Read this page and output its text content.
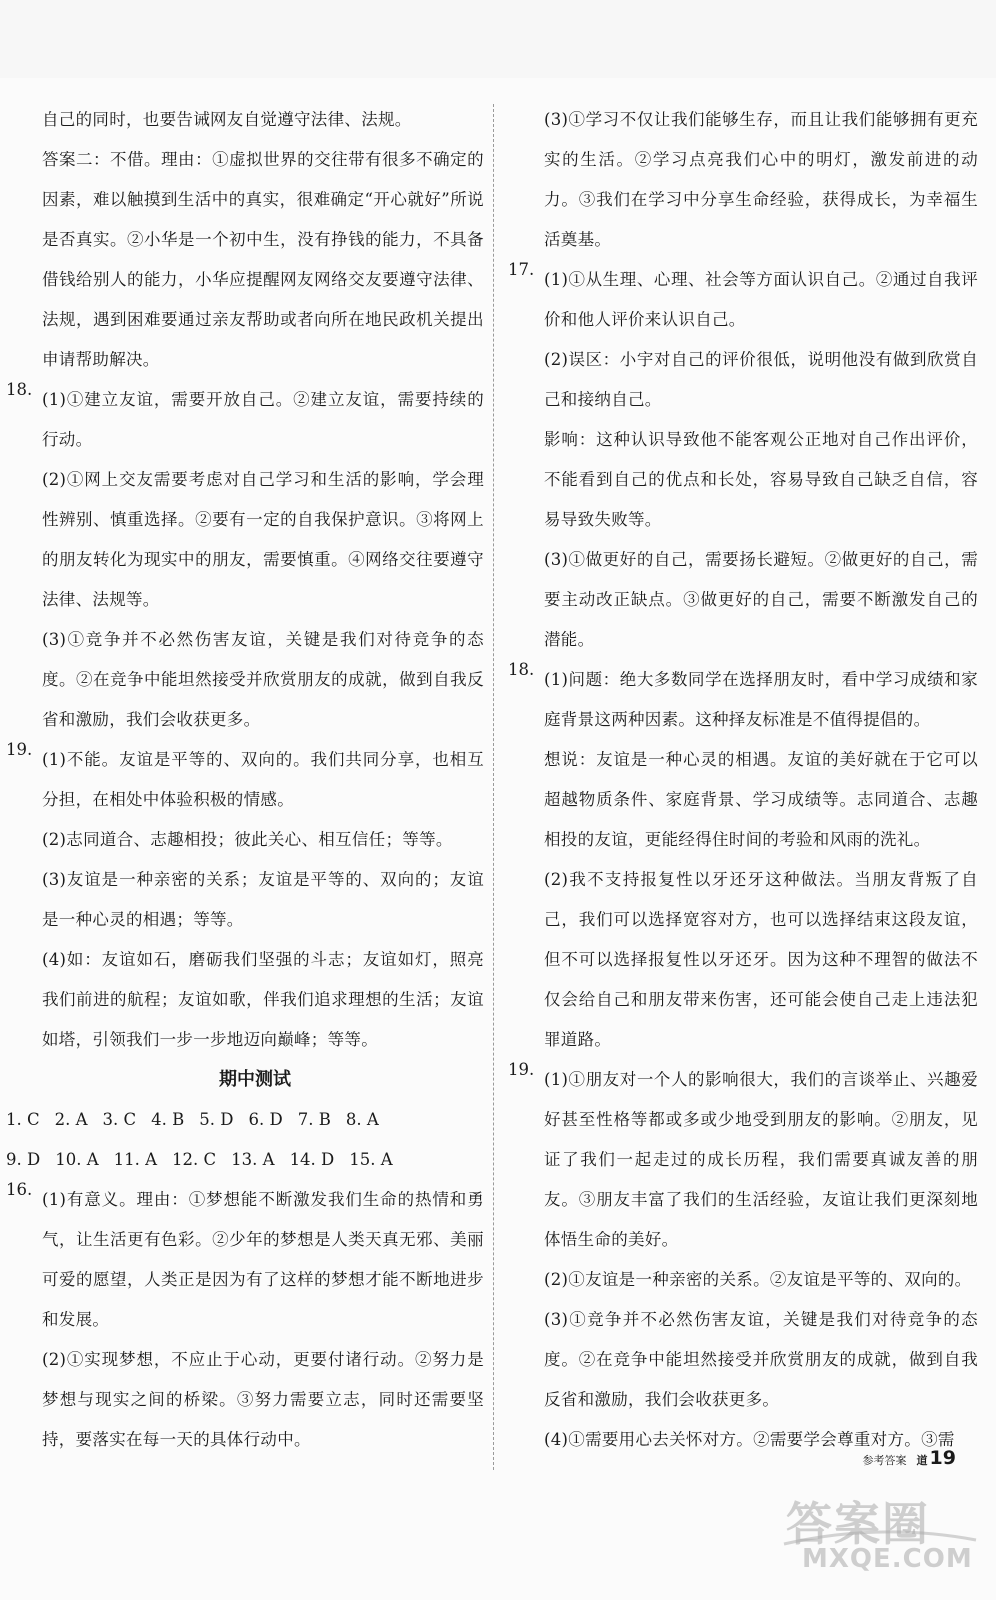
自己的同时，也要告诫网友自觉遵守法律、法规。

答案二：不借。理由：①虚拟世界的交往带有很多不确定的因素，难以触摸到生活中的真实，很难确定“开心就好”所说是否真实。②小华是一个初中生，没有挣钱的能力，不具备借钱给别人的能力，小华应提醒网友网络交友要遵守法律、法规，遇到困难要通过亲友帮助或者向所在地民政机关提出申请帮助解决。

18.

(1)①建立友谊，需要开放自己。②建立友谊，需要持续的行动。

(2)①网上交友需要考虑对自己学习和生活的影响，学会理性辨别、慎重选择。②要有一定的自我保护意识。③将网上的朋友转化为现实中的朋友，需要慎重。④网络交往要遵守法律、法规等。

(3)①竞争并不必然伤害友谊，关键是我们对待竞争的态度。②在竞争中能坦然接受并欣赏朋友的成就，做到自我反省和激励，我们会收获更多。

19.

(1)不能。友谊是平等的、双向的。我们共同分享，也相互分担，在相处中体验积极的情感。

(2)志同道合、志趣相投；彼此关心、相互信任；等等。

(3)友谊是一种亲密的关系；友谊是平等的、双向的；友谊是一种心灵的相遇；等等。

(4)如：友谊如石，磨砺我们坚强的斗志；友谊如灯，照亮我们前进的航程；友谊如歌，伴我们追求理想的生活；友谊如塔，引领我们一步一步地迈向巅峰；等等。

期中测试

1. C 2. A 3. C 4. B 5. D 6. D 7. B 8. A
9. D 10. A 11. A 12. C 13. A 14. D 15. A
16.

(1)有意义。理由：①梦想能不断激发我们生命的热情和勇气，让生活更有色彩。②少年的梦想是人类天真无邪、美丽可爱的愿望，人类正是因为有了这样的梦想才能不断地进步和发展。

(2)①实现梦想，不应止于心动，更要付诸行动。②努力是梦想与现实之间的桥梁。③努力需要立志，同时还需要坚持，要落实在每一天的具体行动中。

(3)①学习不仅让我们能够生存，而且让我们能够拥有更充实的生活。②学习点亮我们心中的明灯，激发前进的动力。③我们在学习中分享生命经验，获得成长，为幸福生活奠基。

17.

(1)①从生理、心理、社会等方面认识自己。②通过自我评价和他人评价来认识自己。

(2)误区：小宇对自己的评价很低，说明他没有做到欣赏自己和接纳自己。

影响：这种认识导致他不能客观公正地对自己作出评价，不能看到自己的优点和长处，容易导致自己缺乏自信，容易导致失败等。

(3)①做更好的自己，需要扬长避短。②做更好的自己，需要主动改正缺点。③做更好的自己，需要不断激发自己的潜能。

18.

(1)问题：绝大多数同学在选择朋友时，看中学习成绩和家庭背景这两种因素。这种择友标准是不值得提倡的。

想说：友谊是一种心灵的相遇。友谊的美好就在于它可以超越物质条件、家庭背景、学习成绩等。志同道合、志趣相投的友谊，更能经得住时间的考验和风雨的洗礼。

(2)我不支持报复性以牙还牙这种做法。当朋友背叛了自己，我们可以选择宽容对方，也可以选择结束这段友谊，但不可以选择报复性以牙还牙。因为这种不理智的做法不仅会给自己和朋友带来伤害，还可能会使自己走上违法犯罪道路。

19.

(1)①朋友对一个人的影响很大，我们的言谈举止、兴趣爱好甚至性格等都或多或少地受到朋友的影响。②朋友，见证了我们一起走过的成长历程，我们需要真诚友善的朋友。③朋友丰富了我们的生活经验，友谊让我们更深刻地体悟生命的美好。

(2)①友谊是一种亲密的关系。②友谊是平等的、双向的。

(3)①竞争并不必然伤害友谊，关键是我们对待竞争的态度。②在竞争中能坦然接受并欣赏朋友的成就，做到自我反省和激励，我们会收获更多。

(4)①需要用心去关怀对方。②需要学会尊重对方。③需

参考答案 道 19
答案圈
MXQE.COM
